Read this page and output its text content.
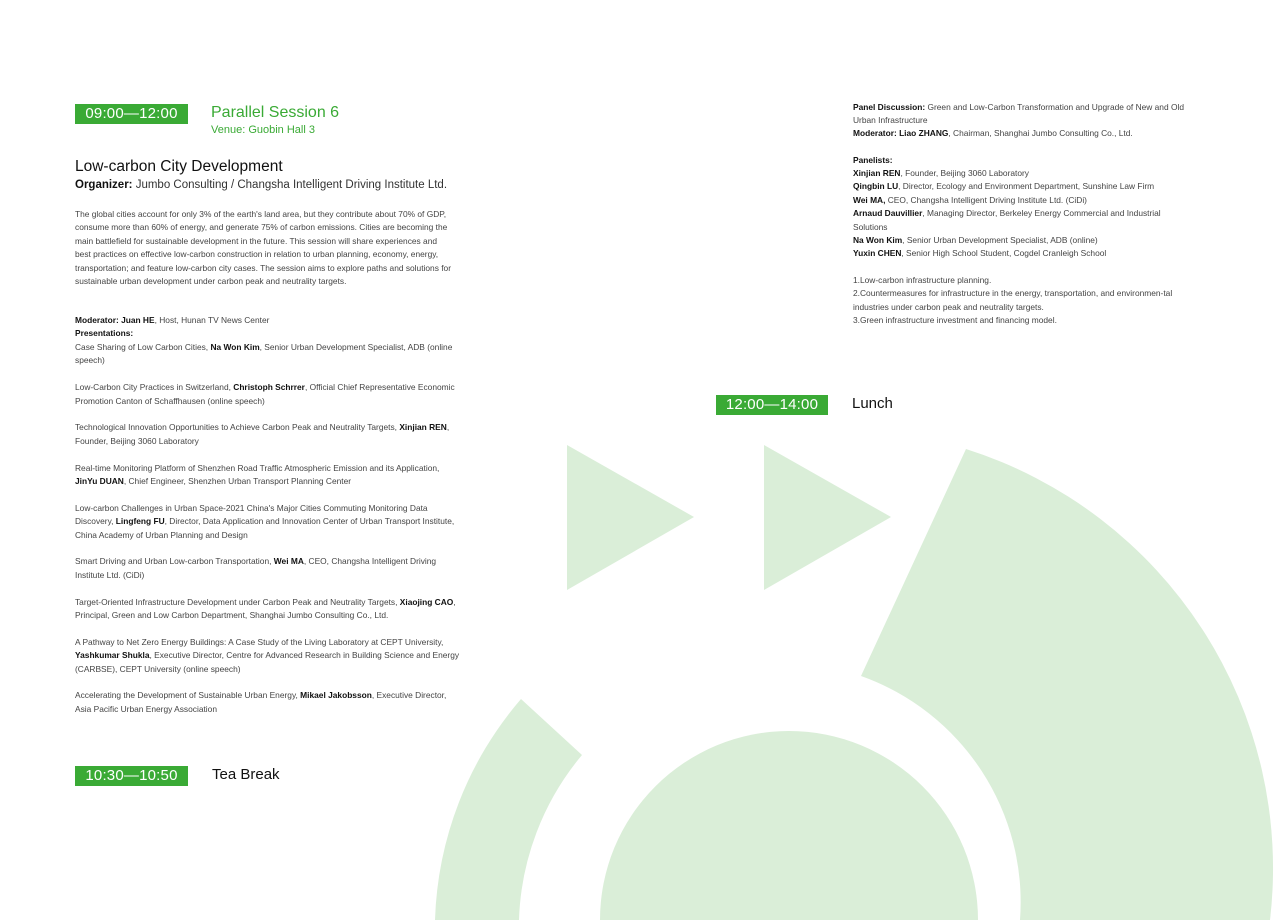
09:00—12:00	Parallel Session 6
Venue: Guobin Hall 3
Low-carbon City Development
Organizer: Jumbo Consulting / Changsha Intelligent Driving Institute Ltd.

The global cities account for only 3% of the earth's land area, but they contribute about 70% of GDP, consume more than 60% of energy, and generate 75% of carbon emissions. Cities are becoming the main battlefield for sustainable development in the future. This session will share experiences and best practices on effective low-carbon construction in relation to urban planning, economy, energy, transportation; and feature low-carbon city cases. The session aims to explore paths and solutions for sustainable urban development under carbon peak and neutrality targets.

Moderator: Juan HE, Host, Hunan TV News Center
Presentations:
Case Sharing of Low Carbon Cities, Na Won Kim, Senior Urban Development Specialist, ADB (online speech)
Low-Carbon City Practices in Switzerland, Christoph Schrrer, Official Chief Representative Economic Promotion Canton of Schaffhausen (online speech)
Technological Innovation Opportunities to Achieve Carbon Peak and Neutrality Targets, Xinjian REN, Founder, Beijing 3060 Laboratory
Real-time Monitoring Platform of Shenzhen Road Traffic Atmospheric Emission and its Application, JinYu DUAN, Chief Engineer, Shenzhen Urban Transport Planning Center
Low-carbon Challenges in Urban Space-2021 China's Major Cities Commuting Monitoring Data Discovery, Lingfeng FU, Director, Data Application and Innovation Center of Urban Transport Institute, China Academy of Urban Planning and Design
Smart Driving and Urban Low-carbon Transportation, Wei MA, CEO, Changsha Intelligent Driving Institute Ltd. (CiDi)
Target-Oriented Infrastructure Development under Carbon Peak and Neutrality Targets, Xiaojing CAO, Principal, Green and Low Carbon Department, Shanghai Jumbo Consulting Co., Ltd.
A Pathway to Net Zero Energy Buildings: A Case Study of the Living Laboratory at CEPT University, Yashkumar Shukla, Executive Director, Centre for Advanced Research in Building Science and Energy (CARBSE), CEPT University (online speech)
Accelerating the Development of Sustainable Urban Energy, Mikael Jakobsson, Executive Director, Asia Pacific Urban Energy Association
10:30—10:50	Tea Break
Panel Discussion: Green and Low-Carbon Transformation and Upgrade of New and Old Urban Infrastructure
Moderator: Liao ZHANG, Chairman, Shanghai Jumbo Consulting Co., Ltd.
Panelists:
Xinjian REN, Founder, Beijing 3060 Laboratory
Qingbin LU, Director, Ecology and Environment Department, Sunshine Law Firm
Wei MA, CEO, Changsha Intelligent Driving Institute Ltd. (CiDi)
Arnaud Dauvillier, Managing Director, Berkeley Energy Commercial and Industrial Solutions
Na Won Kim, Senior Urban Development Specialist, ADB (online)
Yuxin CHEN, Senior High School Student, Cogdel Cranleigh School
1.Low-carbon infrastructure planning.
2.Countermeasures for infrastructure in the energy, transportation, and environmen-tal industries under carbon peak and neutrality targets.
3.Green infrastructure investment and financing model.
12:00—14:00	Lunch
